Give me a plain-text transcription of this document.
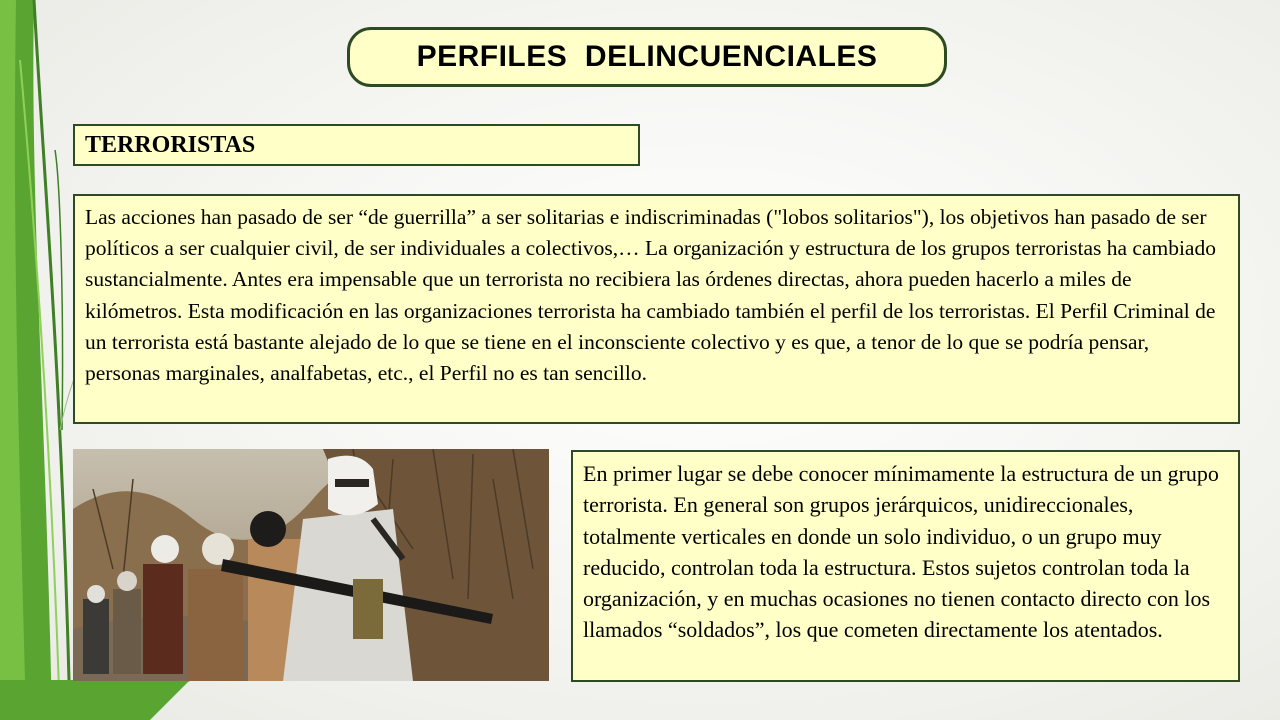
PERFILES  DELINCUENCIALES
TERRORISTAS
Las acciones han pasado de ser “de guerrilla” a ser solitarias e indiscriminadas ("lobos solitarios"), los objetivos han pasado de ser políticos a ser cualquier civil, de ser individuales a colectivos,… La organización y estructura de los grupos terroristas ha cambiado sustancialmente. Antes era impensable que un terrorista no recibiera las órdenes directas, ahora pueden hacerlo a miles de kilómetros. Esta modificación en las organizaciones terrorista ha cambiado también el perfil de los terroristas. El Perfil Criminal de un terrorista está bastante alejado de lo que se tiene en el inconsciente colectivo y es que, a tenor de lo que se podría pensar, personas marginales, analfabetas, etc., el Perfil no es tan sencillo.
En primer lugar se debe conocer mínimamente la estructura de un grupo terrorista. En general son grupos jerárquicos, unidireccionales, totalmente verticales en donde un solo individuo, o un grupo muy reducido, controlan toda la estructura. Estos sujetos controlan toda la organización, y en muchas ocasiones no tienen contacto directo con los llamados “soldados”, los que cometen directamente los atentados.
